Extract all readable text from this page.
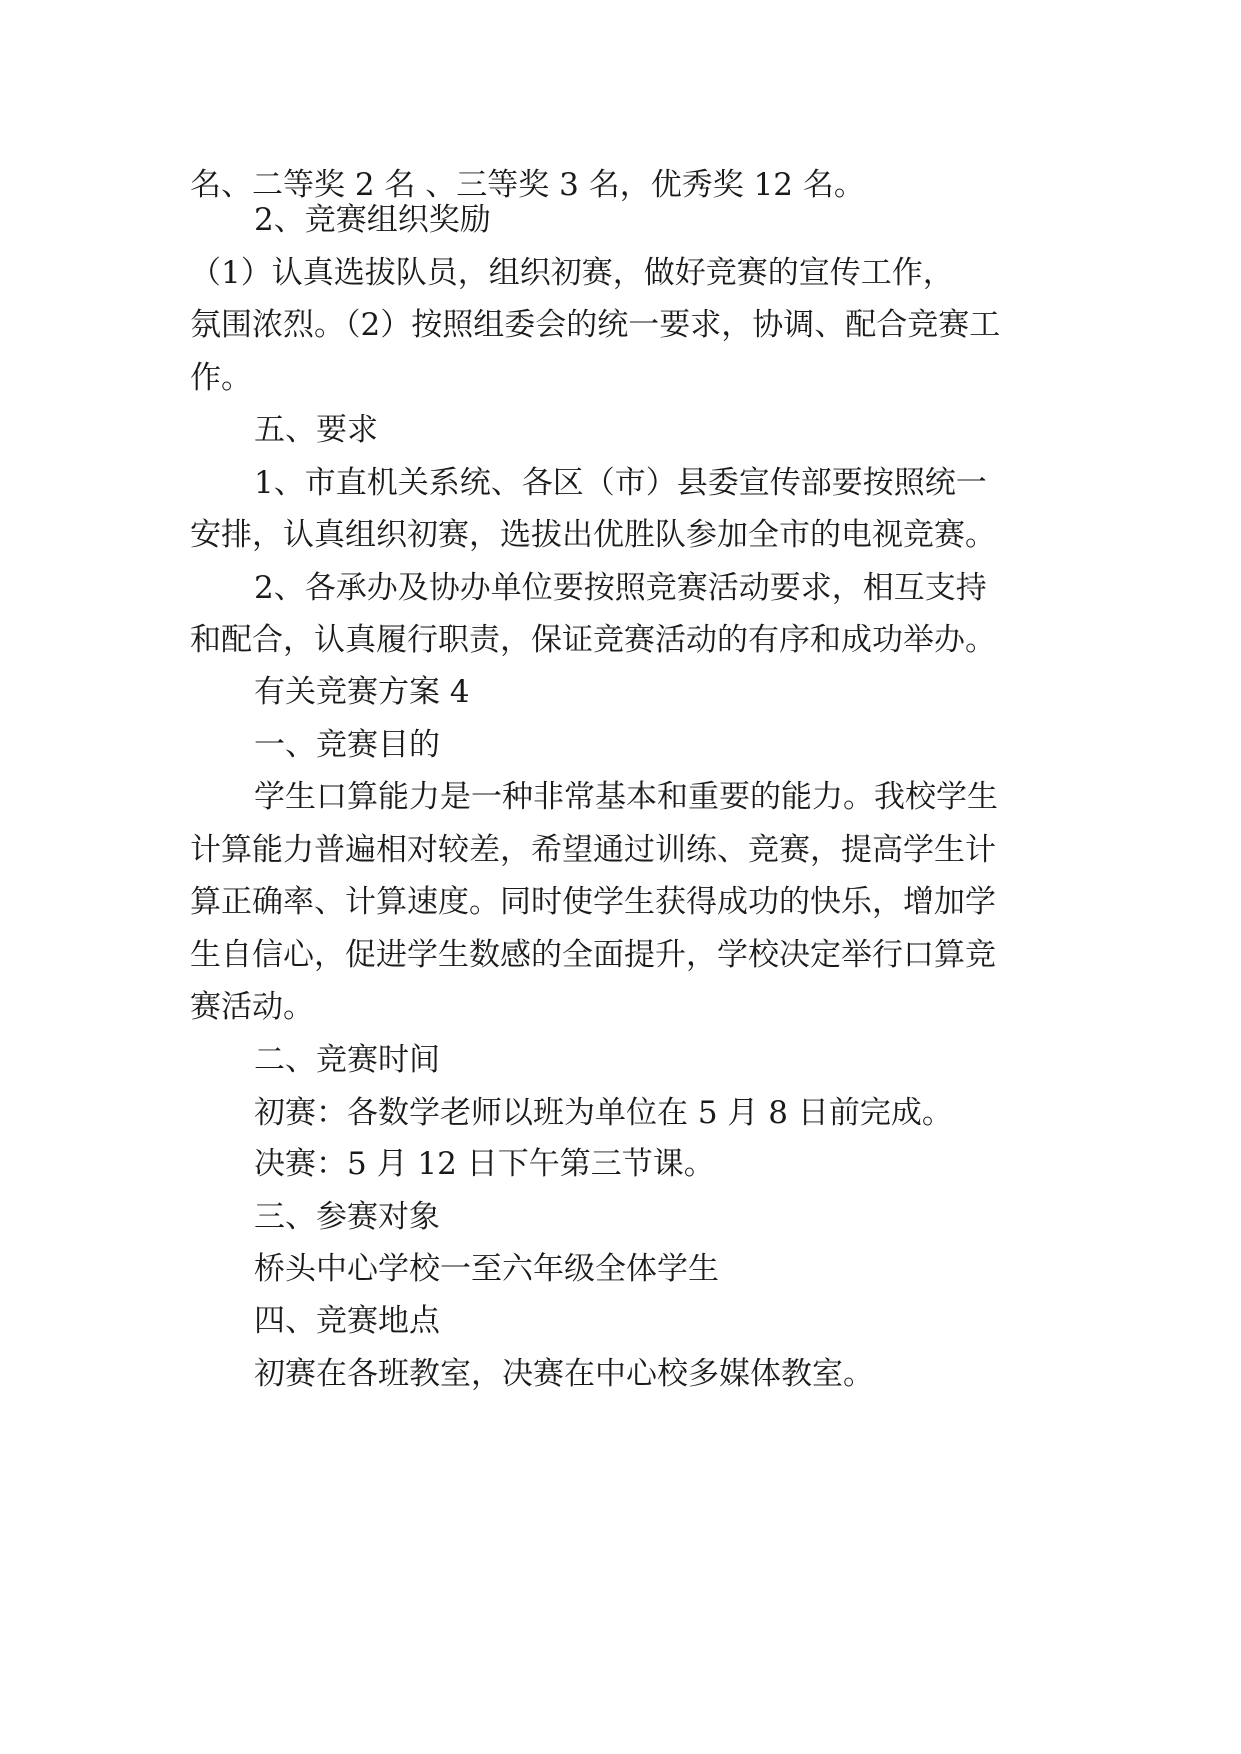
名、二等奖 2 名 、三等奖 3 名，优秀奖 12 名。
2、竞赛组织奖励
（1）认真选拔队员，组织初赛，做好竞赛的宣传工作，
氛围浓烈。（2）按照组委会的统一要求，协调、配合竞赛工
作。
五、要求
1、市直机关系统、各区（市）县委宣传部要按照统一
安排，认真组织初赛，选拔出优胜队参加全市的电视竞赛。
2、各承办及协办单位要按照竞赛活动要求，相互支持
和配合，认真履行职责，保证竞赛活动的有序和成功举办。
有关竞赛方案 4
一、竞赛目的
学生口算能力是一种非常基本和重要的能力。我校学生
计算能力普遍相对较差，希望通过训练、竞赛，提高学生计
算正确率、计算速度。同时使学生获得成功的快乐，增加学
生自信心，促进学生数感的全面提升，学校决定举行口算竞
赛活动。
二、竞赛时间
初赛：各数学老师以班为单位在 5 月 8 日前完成。
决赛：5 月 12 日下午第三节课。
三、参赛对象
桥头中心学校一至六年级全体学生
四、竞赛地点
初赛在各班教室，决赛在中心校多媒体教室。
